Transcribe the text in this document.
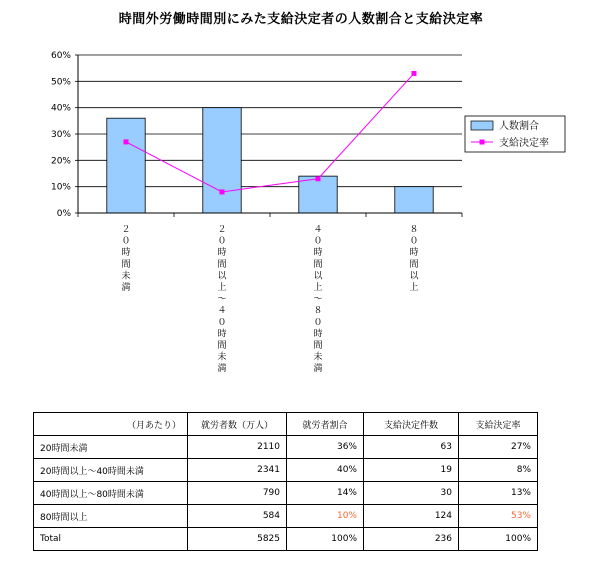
時間外労働時間別にみた支給決定者の人数割合と支給決定率
0%
10%
20%
30%
40%
50%
60%
２０時間未満
２０時間以上～４０時間未満
４０時間以上～８０時間未満
８０時間以上
人数割合
支給決定率
（月あたり）	就労者数（万人）	就労者割合	支給決定件数	支給決定率
20時間未満	2110	36%	63	27%
20時間以上～40時間未満	2341	40%	19	8%
40時間以上～80時間未満	790	14%	30	13%
80時間以上	584	10%	124	53%
Total	5825	100%	236	100%
